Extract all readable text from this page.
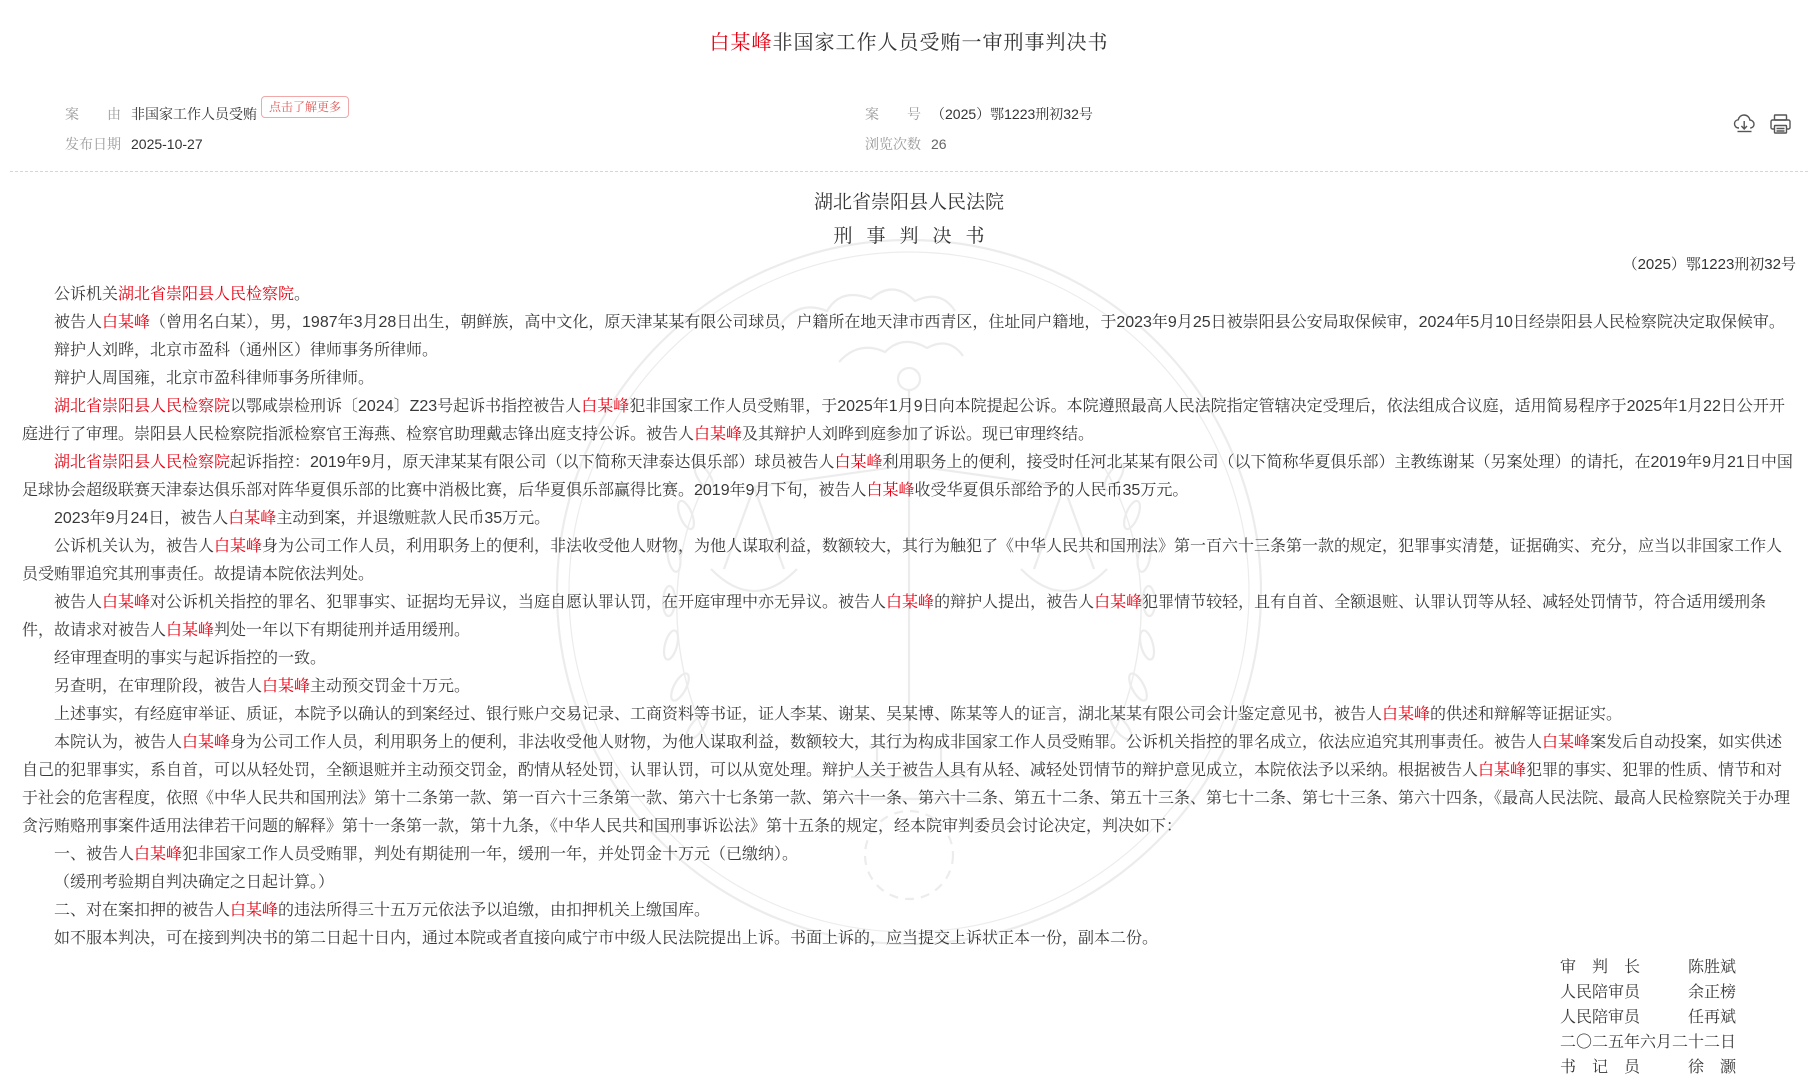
白某峰非国家工作人员受贿一审刑事判决书
案　　由 非国家工作人员受贿	点击了解更多	案　　号 （2025）鄂1223刑初32号
发布日期 2025-10-27	浏览次数 26
湖北省崇阳县人民法院
刑事判决书
（2025）鄂1223刑初32号

公诉机关湖北省崇阳县人民检察院。

被告人白某峰（曾用名白某），男，1987年3月28日出生，朝鲜族，高中文化，原天津某某有限公司球员，户籍所在地天津市西青区，住址同户籍地，于2023年9月25日被崇阳县公安局取保候审，2024年5月10日经崇阳县人民检察院决定取保候审。

辩护人刘晔，北京市盈科（通州区）律师事务所律师。

辩护人周国雍，北京市盈科律师事务所律师。

湖北省崇阳县人民检察院以鄂咸崇检刑诉〔2024〕Z23号起诉书指控被告人白某峰犯非国家工作人员受贿罪，于2025年1月9日向本院提起公诉。本院遵照最高人民法院指定管辖决定受理后，依法组成合议庭，适用简易程序于2025年1月22日公开开庭进行了审理。崇阳县人民检察院指派检察官王海燕、检察官助理戴志锋出庭支持公诉。被告人白某峰及其辩护人刘晔到庭参加了诉讼。现已审理终结。

湖北省崇阳县人民检察院起诉指控：2019年9月，原天津某某有限公司（以下简称天津泰达俱乐部）球员被告人白某峰利用职务上的便利，接受时任河北某某有限公司（以下简称华夏俱乐部）主教练谢某（另案处理）的请托，在2019年9月21日中国足球协会超级联赛天津泰达俱乐部对阵华夏俱乐部的比赛中消极比赛，后华夏俱乐部赢得比赛。2019年9月下旬，被告人白某峰收受华夏俱乐部给予的人民币35万元。

2023年9月24日，被告人白某峰主动到案，并退缴赃款人民币35万元。

公诉机关认为，被告人白某峰身为公司工作人员，利用职务上的便利，非法收受他人财物，为他人谋取利益，数额较大，其行为触犯了《中华人民共和国刑法》第一百六十三条第一款的规定，犯罪事实清楚，证据确实、充分，应当以非国家工作人员受贿罪追究其刑事责任。故提请本院依法判处。

被告人白某峰对公诉机关指控的罪名、犯罪事实、证据均无异议，当庭自愿认罪认罚，在开庭审理中亦无异议。被告人白某峰的辩护人提出，被告人白某峰犯罪情节较轻，且有自首、全额退赃、认罪认罚等从轻、减轻处罚情节，符合适用缓刑条件，故请求对被告人白某峰判处一年以下有期徒刑并适用缓刑。

经审理查明的事实与起诉指控的一致。

另查明，在审理阶段，被告人白某峰主动预交罚金十万元。

上述事实，有经庭审举证、质证，本院予以确认的到案经过、银行账户交易记录、工商资料等书证，证人李某、谢某、吴某博、陈某等人的证言，湖北某某有限公司会计鉴定意见书，被告人白某峰的供述和辩解等证据证实。

本院认为，被告人白某峰身为公司工作人员，利用职务上的便利，非法收受他人财物，为他人谋取利益，数额较大，其行为构成非国家工作人员受贿罪。公诉机关指控的罪名成立，依法应追究其刑事责任。被告人白某峰案发后自动投案，如实供述自己的犯罪事实，系自首，可以从轻处罚，全额退赃并主动预交罚金，酌情从轻处罚，认罪认罚，可以从宽处理。辩护人关于被告人具有从轻、减轻处罚情节的辩护意见成立，本院依法予以采纳。根据被告人白某峰犯罪的事实、犯罪的性质、情节和对于社会的危害程度，依照《中华人民共和国刑法》第十二条第一款、第一百六十三条第一款、第六十七条第一款、第六十一条、第六十二条、第五十二条、第五十三条、第七十二条、第七十三条、第六十四条，《最高人民法院、最高人民检察院关于办理贪污贿赂刑事案件适用法律若干问题的解释》第十一条第一款，第十九条，《中华人民共和国刑事诉讼法》第十五条的规定，经本院审判委员会讨论决定，判决如下：

一、被告人白某峰犯非国家工作人员受贿罪，判处有期徒刑一年，缓刑一年，并处罚金十万元（已缴纳）。

（缓刑考验期自判决确定之日起计算。）

二、对在案扣押的被告人白某峰的违法所得三十五万元依法予以追缴，由扣押机关上缴国库。

如不服本判决，可在接到判决书的第二日起十日内，通过本院或者直接向咸宁市中级人民法院提出上诉。书面上诉的，应当提交上诉状正本一份，副本二份。

审　判　长　　　陈胜斌
人民陪审员　　　余正榜
人民陪审员　　　任再斌
二〇二五年六月二十二日
书　记　员　　　徐　灏
